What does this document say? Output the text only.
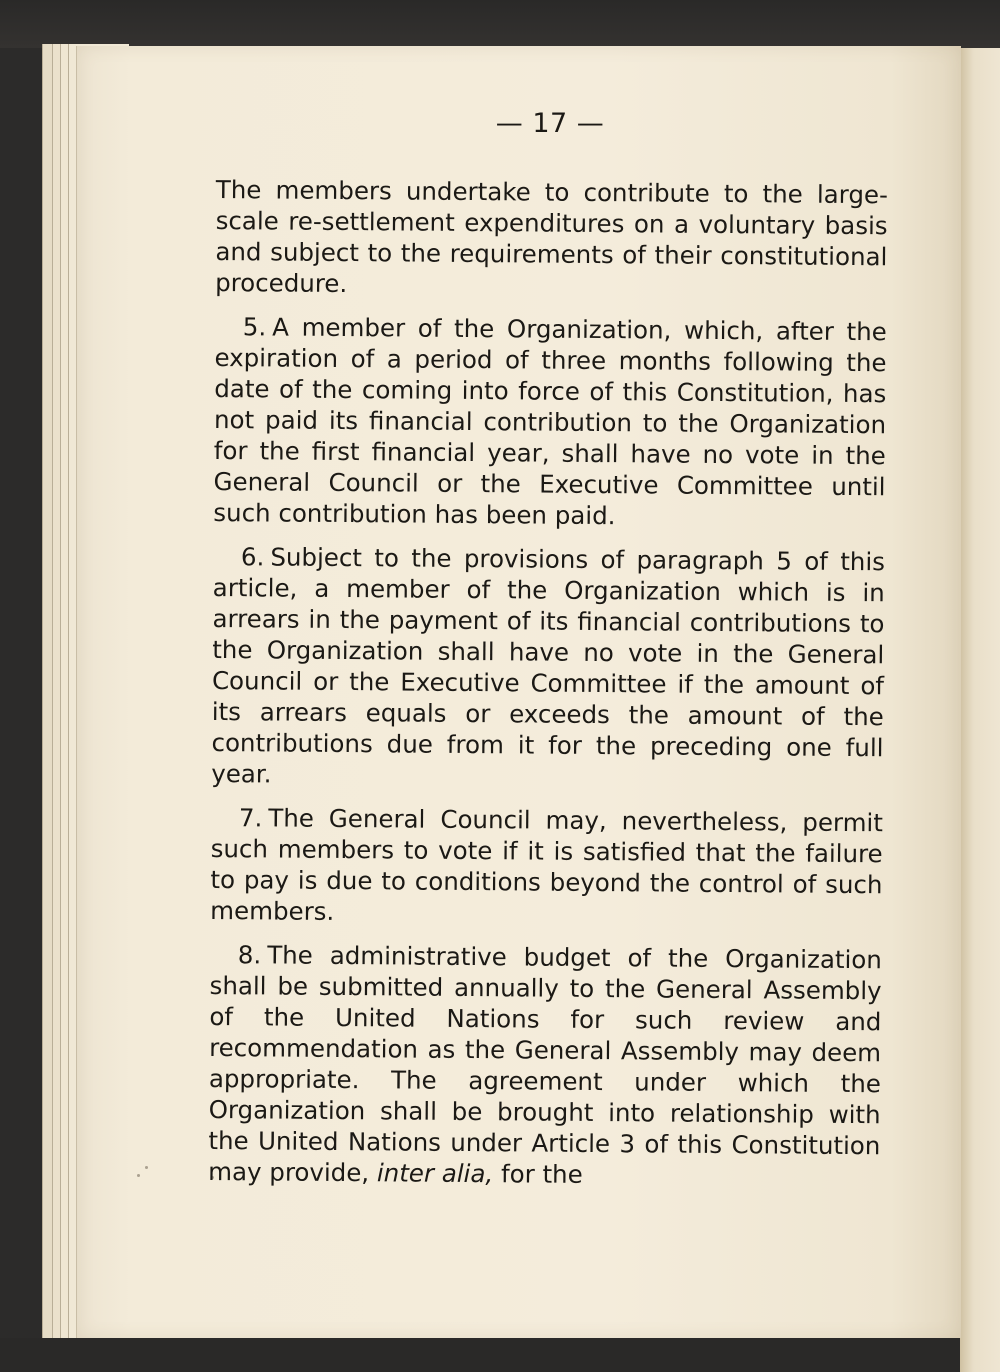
— 17 —

The members undertake to contribute to the large-scale re-settlement expenditures on a voluntary basis and subject to the requirements of their constitutional procedure.

5. A member of the Organization, which, after the expiration of a period of three months following the date of the coming into force of this Constitution, has not paid its financial contribution to the Organization for the first financial year, shall have no vote in the General Council or the Executive Committee until such contribution has been paid.

6. Subject to the provisions of paragraph 5 of this article, a member of the Organization which is in arrears in the payment of its financial contributions to the Organization shall have no vote in the General Council or the Executive Committee if the amount of its arrears equals or exceeds the amount of the contributions due from it for the preceding one full year.

7. The General Council may, nevertheless, permit such members to vote if it is satisfied that the failure to pay is due to conditions beyond the control of such members.

8. The administrative budget of the Organization shall be submitted annually to the General Assembly of the United Nations for such review and recommendation as the General Assembly may deem appropriate. The agreement under which the Organization shall be brought into relationship with the United Nations under Article 3 of this Constitution may provide, inter alia, for the
